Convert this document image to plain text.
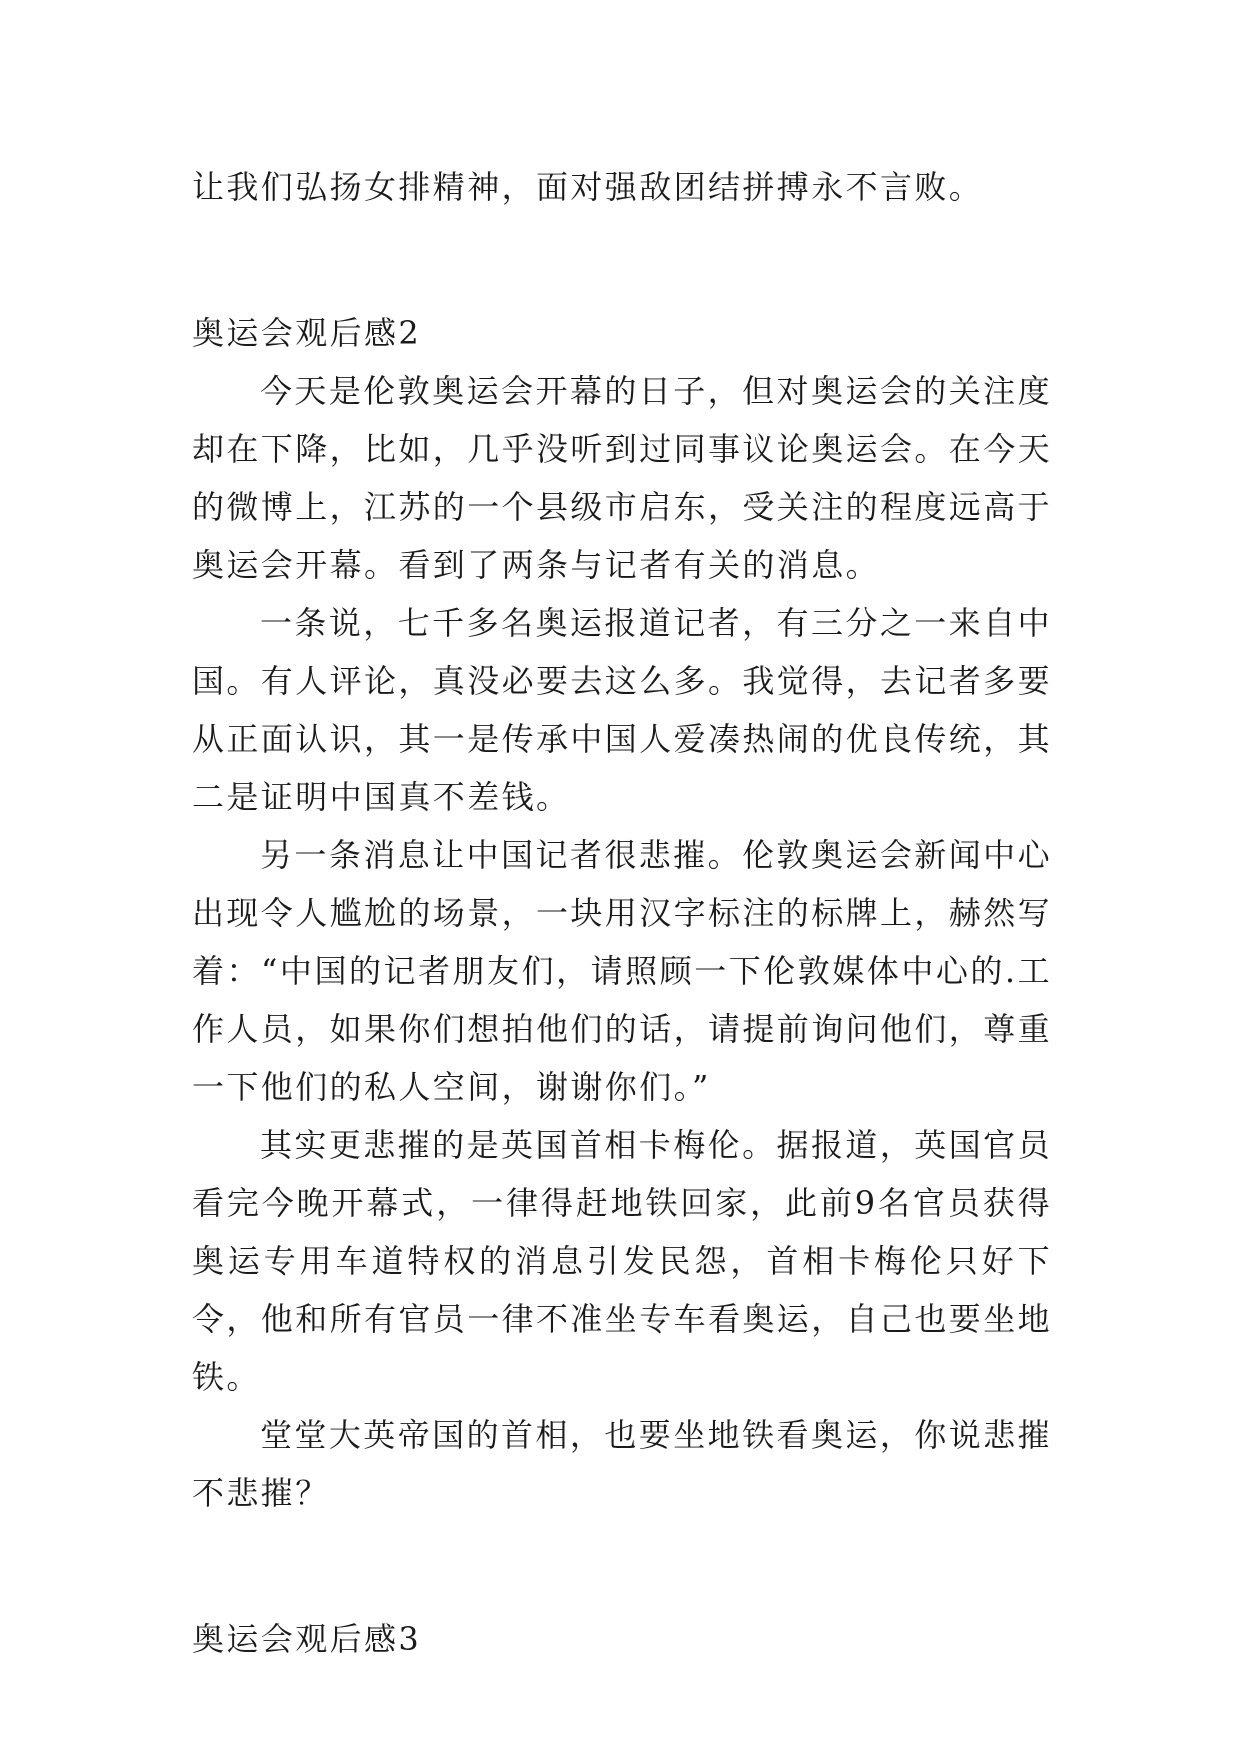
让我们弘扬女排精神，面对强敌团结拼搏永不言败。

奥运会观后感2

今天是伦敦奥运会开幕的日子，但对奥运会的关注度却在下降，比如，几乎没听到过同事议论奥运会。在今天的微博上，江苏的一个县级市启东，受关注的程度远高于奥运会开幕。看到了两条与记者有关的消息。

一条说，七千多名奥运报道记者，有三分之一来自中国。有人评论，真没必要去这么多。我觉得，去记者多要从正面认识，其一是传承中国人爱凑热闹的优良传统，其二是证明中国真不差钱。

另一条消息让中国记者很悲摧。伦敦奥运会新闻中心出现令人尴尬的场景，一块用汉字标注的标牌上，赫然写着：“中国的记者朋友们，请照顾一下伦敦媒体中心的.工作人员，如果你们想拍他们的话，请提前询问他们，尊重一下他们的私人空间，谢谢你们。”

其实更悲摧的是英国首相卡梅伦。据报道，英国官员看完今晚开幕式，一律得赶地铁回家，此前9名官员获得奥运专用车道特权的消息引发民怨，首相卡梅伦只好下令，他和所有官员一律不准坐专车看奥运，自己也要坐地铁。

堂堂大英帝国的首相，也要坐地铁看奥运，你说悲摧不悲摧？

奥运会观后感3
